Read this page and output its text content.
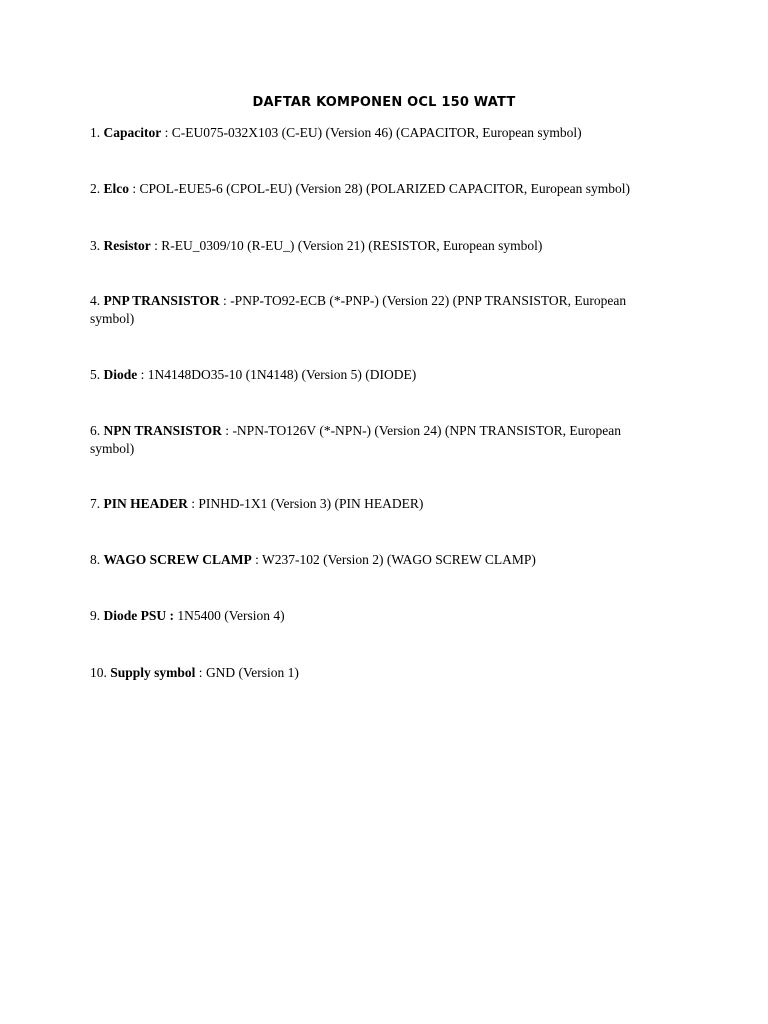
DAFTAR KOMPONEN OCL 150 WATT
1. Capacitor : C-EU075-032X103 (C-EU) (Version 46) (CAPACITOR, European symbol)
2. Elco : CPOL-EUE5-6 (CPOL-EU) (Version 28) (POLARIZED CAPACITOR, European symbol)
3. Resistor : R-EU_0309/10 (R-EU_) (Version 21) (RESISTOR, European symbol)
4. PNP TRANSISTOR : -PNP-TO92-ECB (*-PNP-) (Version 22) (PNP TRANSISTOR, European symbol)
5. Diode : 1N4148DO35-10 (1N4148) (Version 5) (DIODE)
6. NPN TRANSISTOR : -NPN-TO126V (*-NPN-) (Version 24) (NPN TRANSISTOR, European symbol)
7. PIN HEADER : PINHD-1X1 (Version 3) (PIN HEADER)
8. WAGO SCREW CLAMP : W237-102 (Version 2) (WAGO SCREW CLAMP)
9. Diode PSU : 1N5400 (Version 4)
10. Supply symbol : GND (Version 1)
